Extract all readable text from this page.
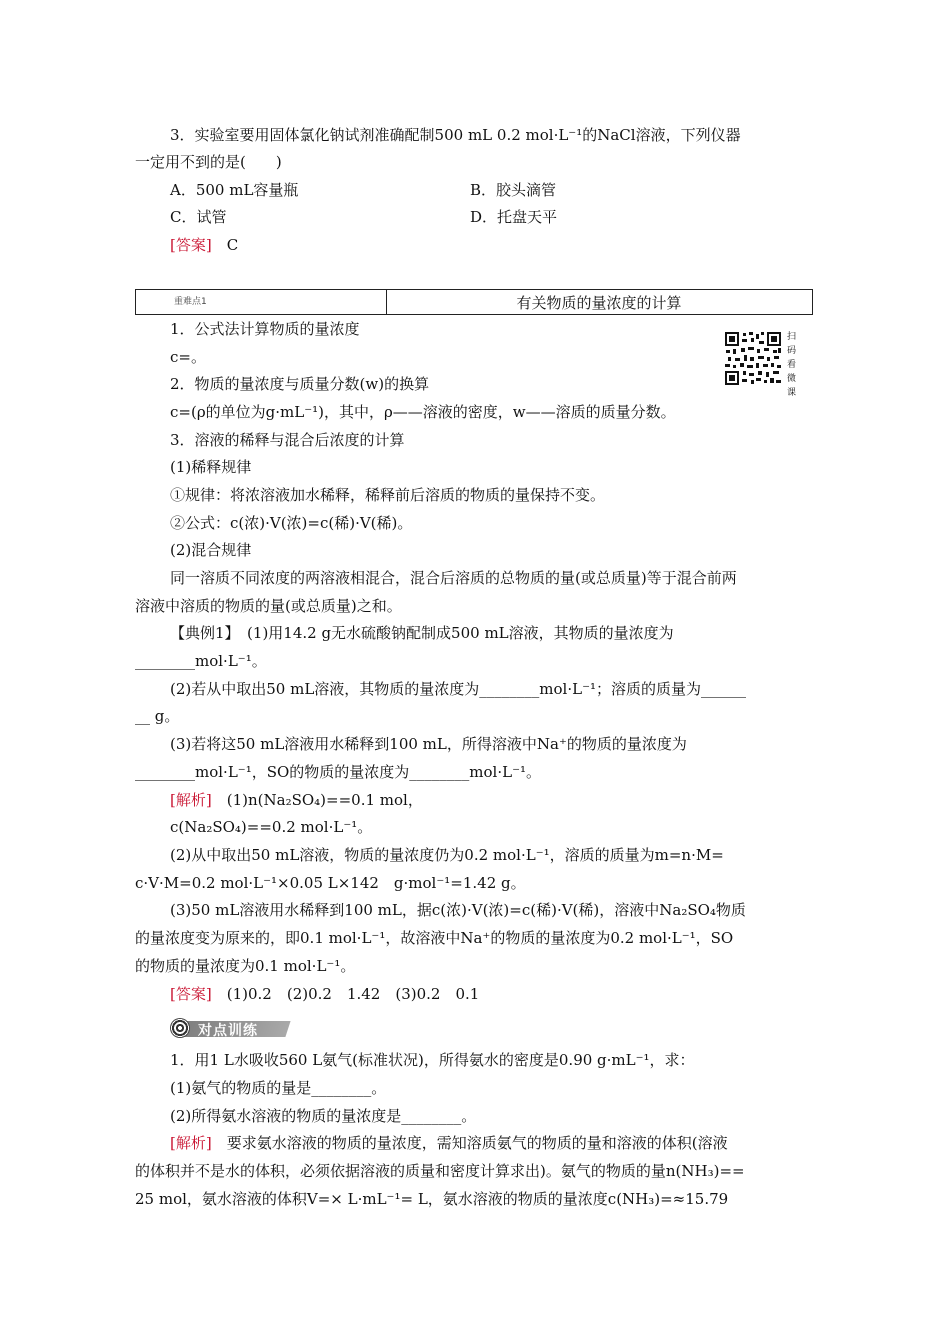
3．实验室要用固体氯化钠试剂准确配制500 mL 0.2 mol·L⁻¹的NaCl溶液，下列仪器
一定用不到的是(　　)
A．500 mL容量瓶	B．胶头滴管
C．试管	D．托盘天平
[答案]　 C
重难点1	有关物质的量浓度的计算
扫码看微课
1．公式法计算物质的量浓度
c=。
2．物质的量浓度与质量分数(w)的换算
c=(ρ的单位为g·mL⁻¹)，其中，ρ——溶液的密度，w——溶质的质量分数。
3．溶液的稀释与混合后浓度的计算
(1)稀释规律
①规律：将浓溶液加水稀释，稀释前后溶质的物质的量保持不变。
②公式：c(浓)·V(浓)=c(稀)·V(稀)。
(2)混合规律
同一溶质不同浓度的两溶液相混合，混合后溶质的总物质的量(或总质量)等于混合前两
溶液中溶质的物质的量(或总质量)之和。
【典例1】　(1)用14.2 g无水硫酸钠配制成500 mL溶液，其物质的量浓度为
________mol·L⁻¹。
(2)若从中取出50 mL溶液，其物质的量浓度为________mol·L⁻¹；溶质的质量为______
__ g。
(3)若将这50 mL溶液用水稀释到100 mL，所得溶液中Na⁺的物质的量浓度为
________mol·L⁻¹，SO的物质的量浓度为________mol·L⁻¹。
[解析]　 (1)n(Na₂SO₄)==0.1 mol，
c(Na₂SO₄)==0.2 mol·L⁻¹。
(2)从中取出50 mL溶液，物质的量浓度仍为0.2 mol·L⁻¹，溶质的质量为m=n·M=
c·V·M=0.2 mol·L⁻¹×0.05 L×142　g·mol⁻¹=1.42 g。
(3)50 mL溶液用水稀释到100 mL，据c(浓)·V(浓)=c(稀)·V(稀)，溶液中Na₂SO₄物质
的量浓度变为原来的，即0.1 mol·L⁻¹，故溶液中Na⁺的物质的量浓度为0.2 mol·L⁻¹，SO
的物质的量浓度为0.1 mol·L⁻¹。
[答案]　 (1)0.2　(2)0.2　1.42　(3)0.2　0.1
对点训练
1．用1 L水吸收560 L氨气(标准状况)，所得氨水的密度是0.90 g·mL⁻¹，求：
(1)氨气的物质的量是________。
(2)所得氨水溶液的物质的量浓度是________。
[解析]　要求氨水溶液的物质的量浓度，需知溶质氨气的物质的量和溶液的体积(溶液
的体积并不是水的体积，必须依据溶液的质量和密度计算求出)。氨气的物质的量n(NH₃)==
25 mol，氨水溶液的体积V=× L·mL⁻¹= L，氨水溶液的物质的量浓度c(NH₃)=≈15.79
